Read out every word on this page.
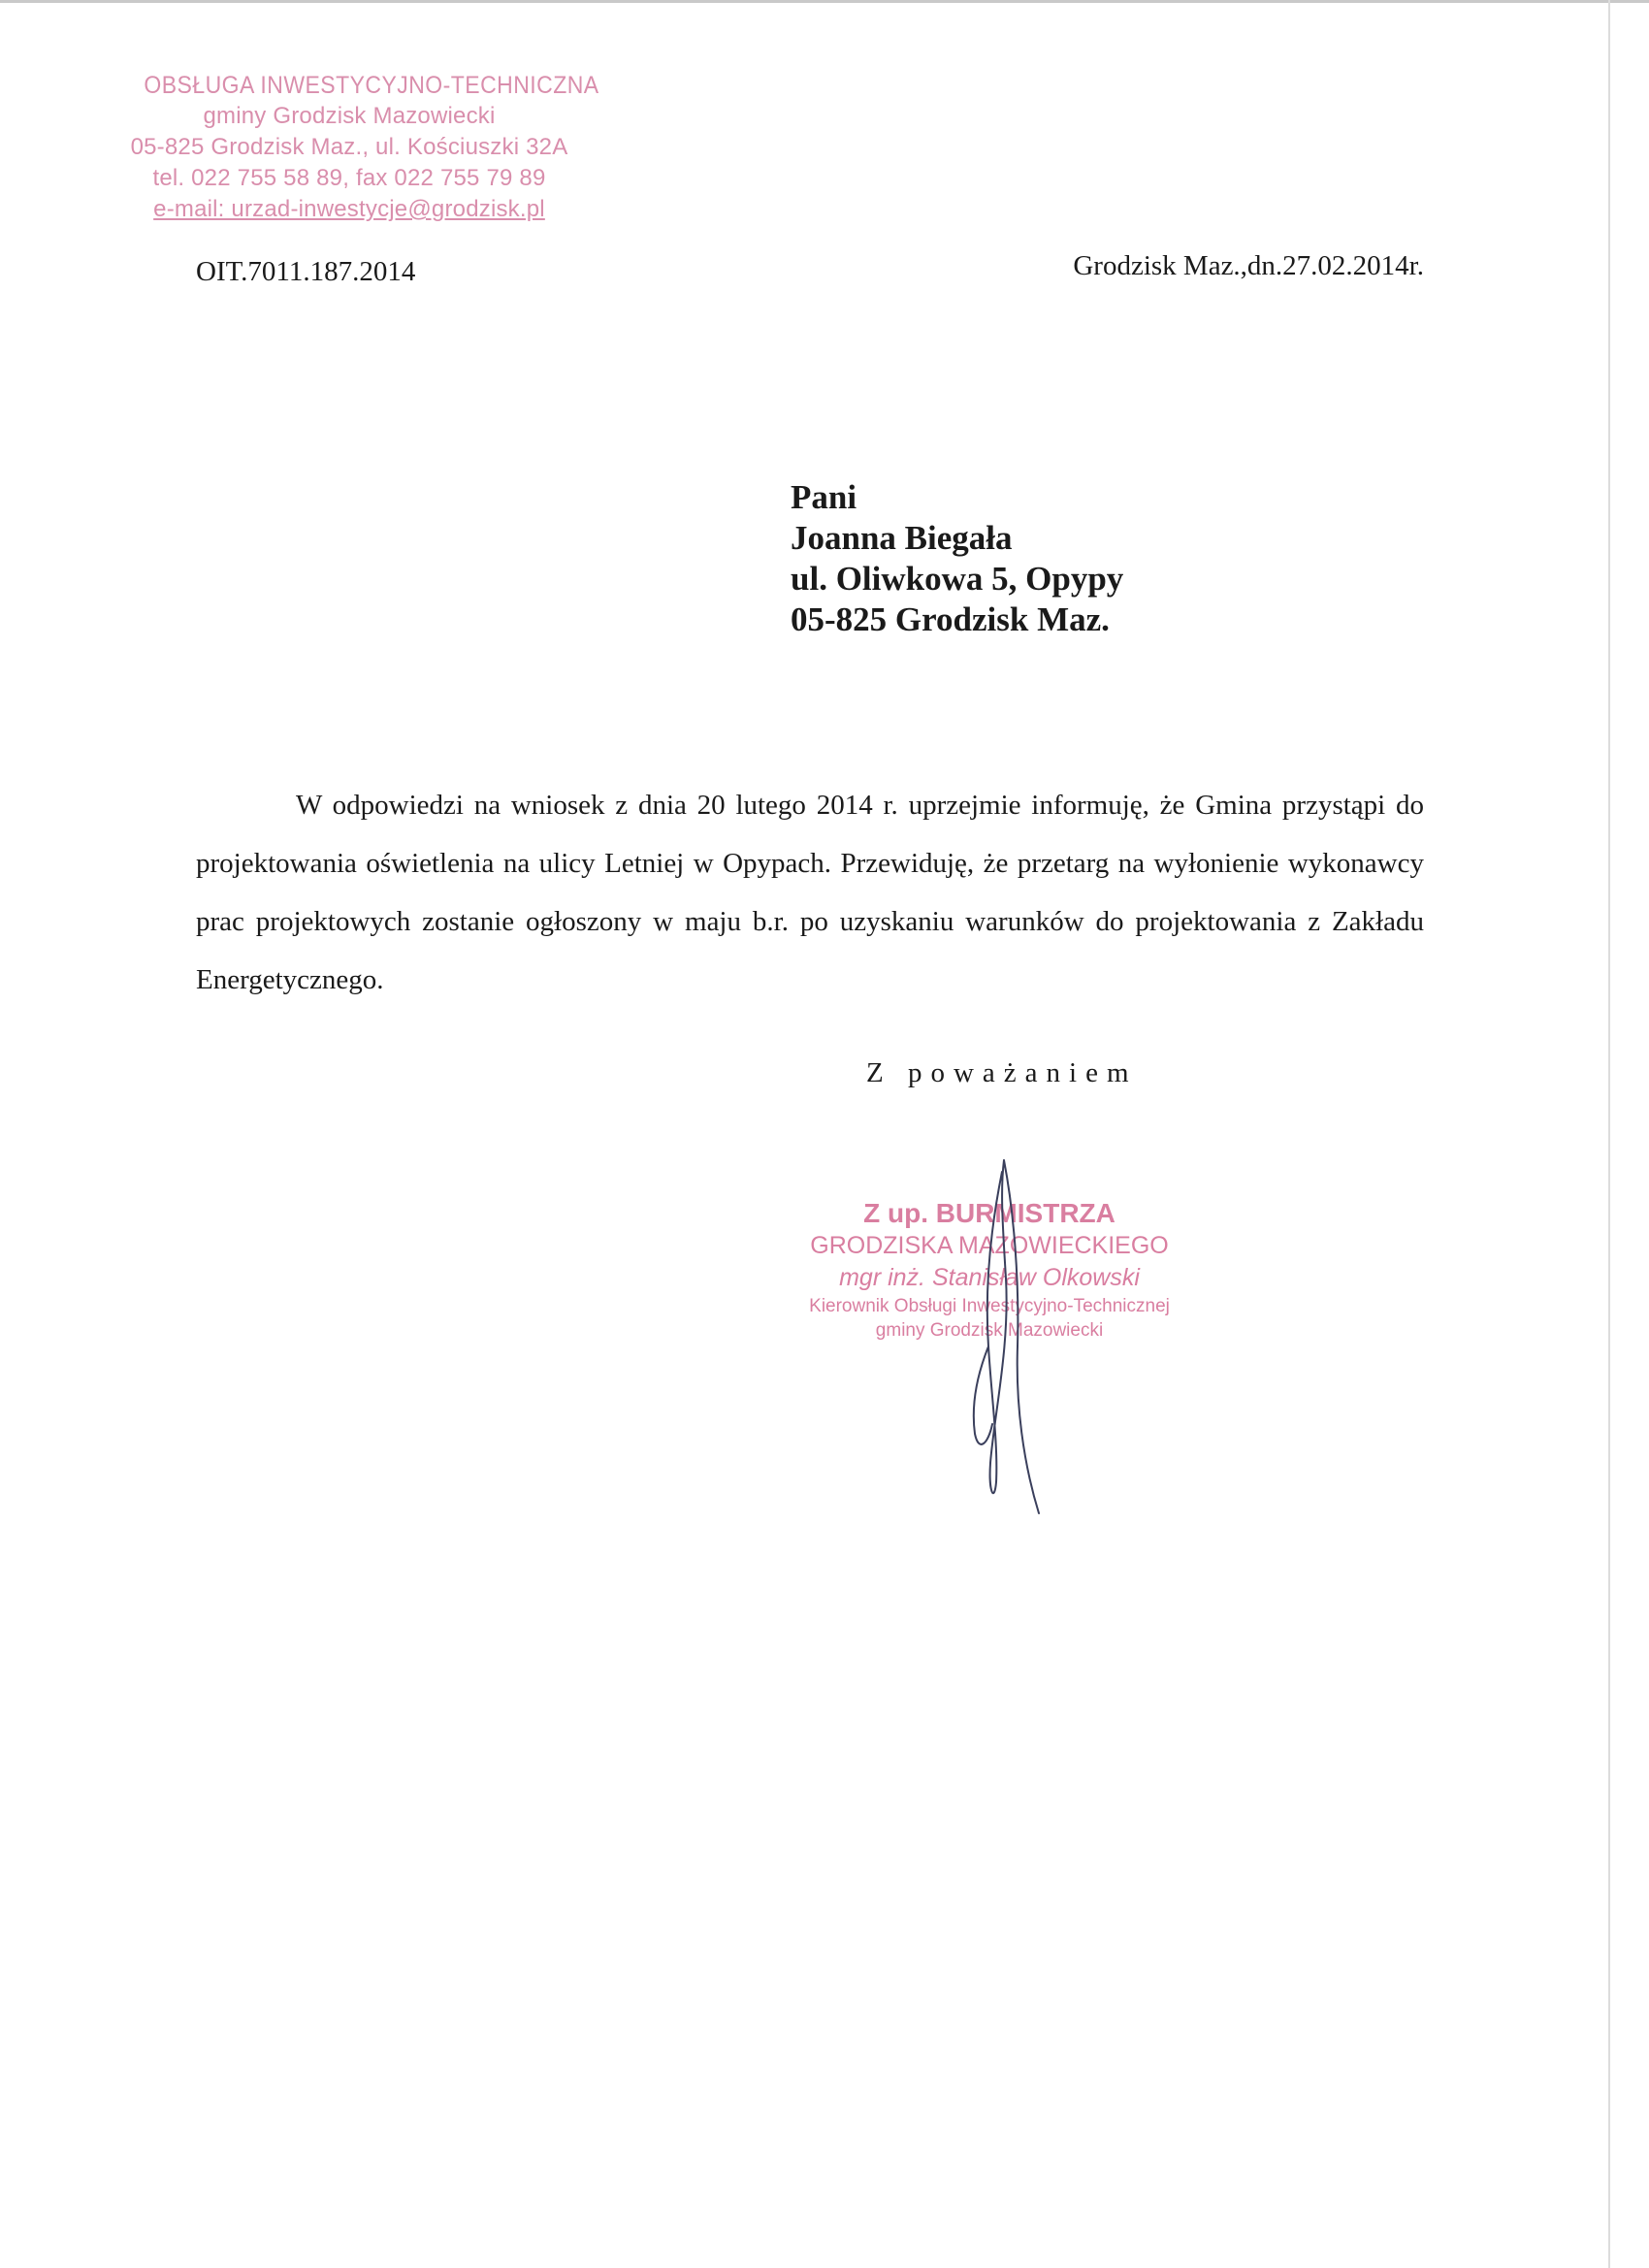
OBSŁUGA INWESTYCYJNO-TECHNICZNA
gminy Grodzisk Mazowiecki
05-825 Grodzisk Maz., ul. Kościuszki 32A
tel. 022 755 58 89, fax 022 755 79 89
e-mail: urzad-inwestycje@grodzisk.pl
OIT.7011.187.2014	Grodzisk Maz.,dn.27.02.2014r.
Pani
Joanna Biegała
ul. Oliwkowa 5, Opypy
05-825 Grodzisk Maz.

W odpowiedzi na wniosek z dnia 20 lutego 2014 r. uprzejmie informuję, że Gmina przystąpi do projektowania oświetlenia na ulicy Letniej w Opypach. Przewiduję, że przetarg na wyłonienie wykonawcy prac projektowych zostanie ogłoszony w maju b.r. po uzyskaniu warunków do projektowania z Zakładu Energetycznego.

Z poważaniem
Z up. BURMISTRZA
GRODZISKA MAZOWIECKIEGO
mgr inż. Stanisław Olkowski
Kierownik Obsługi Inwestycyjno-Technicznej
gminy Grodzisk Mazowiecki
